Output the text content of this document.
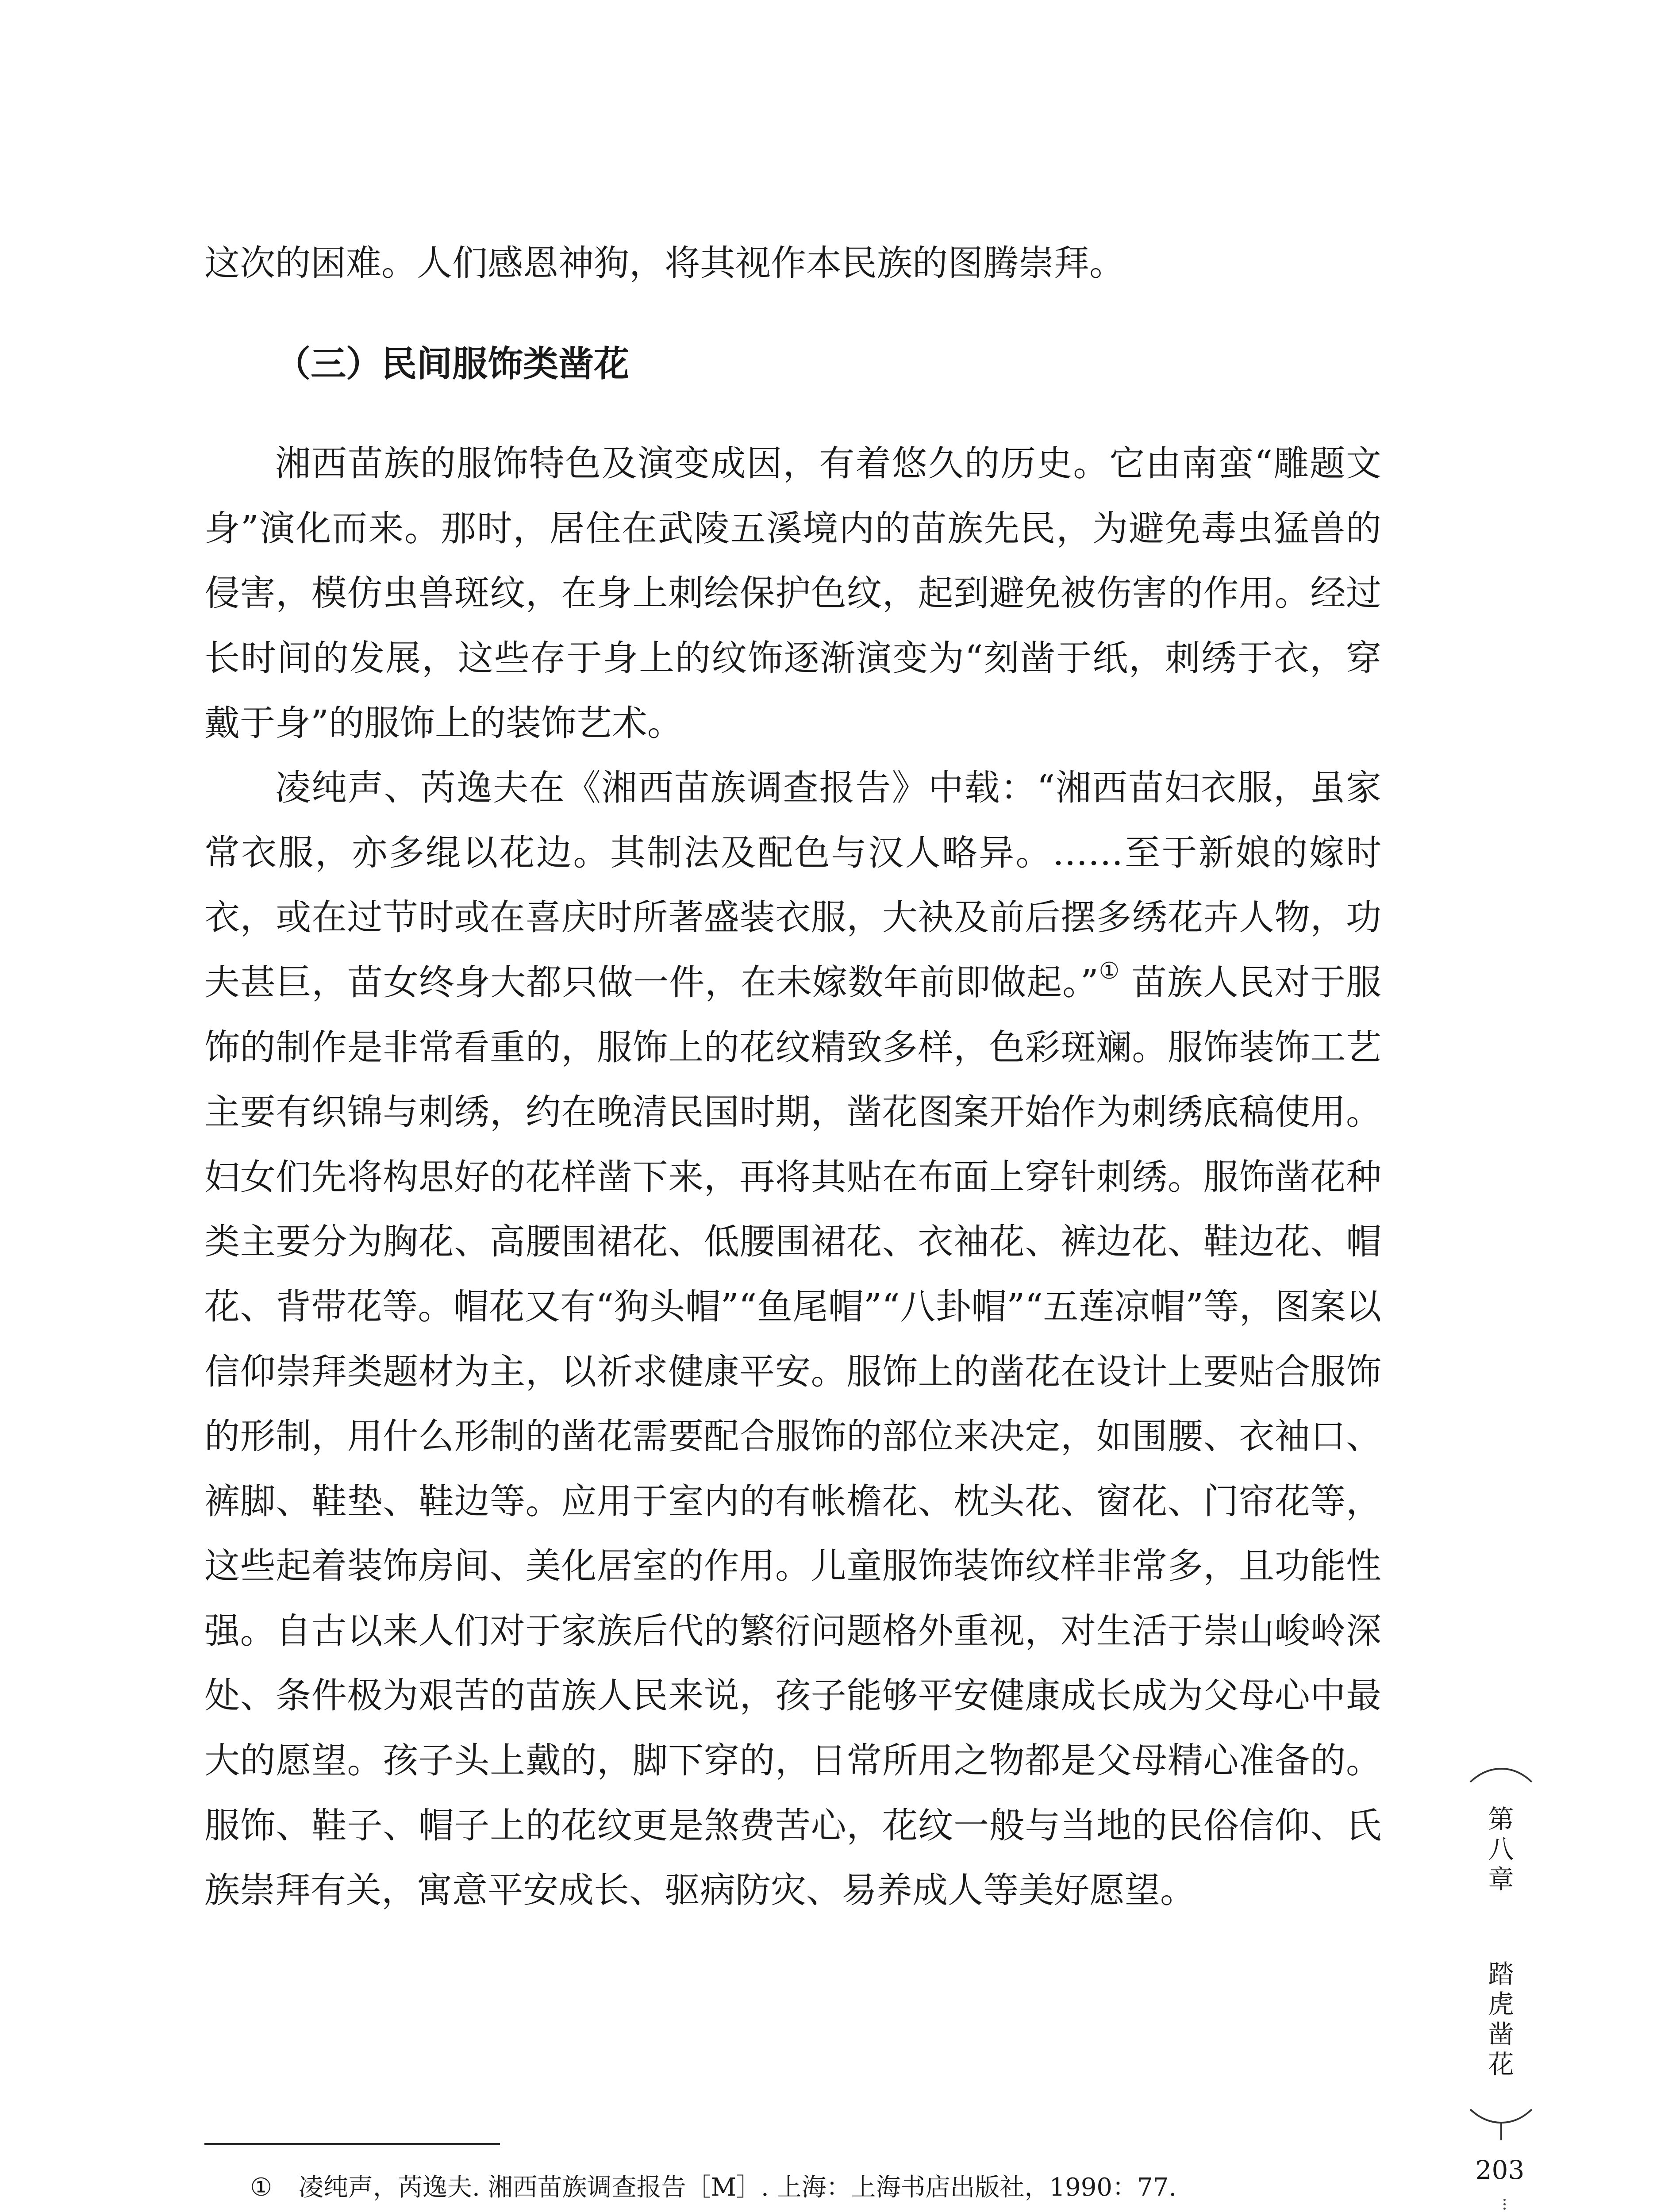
这次的困难。人们感恩神狗，将其视作本民族的图腾崇拜。

（三）民间服饰类凿花

湘西苗族的服饰特色及演变成因，有着悠久的历史。它由南蛮“雕题文身”演化而来。那时，居住在武陵五溪境内的苗族先民，为避免毒虫猛兽的侵害，模仿虫兽斑纹，在身上刺绘保护色纹，起到避免被伤害的作用。经过长时间的发展，这些存于身上的纹饰逐渐演变为“刻凿于纸，刺绣于衣，穿戴于身”的服饰上的装饰艺术。

凌纯声、芮逸夫在《湘西苗族调查报告》中载：“湘西苗妇衣服，虽家常衣服，亦多绲以花边。其制法及配色与汉人略异。……至于新娘的嫁时衣，或在过节时或在喜庆时所著盛装衣服，大袂及前后摆多绣花卉人物，功夫甚巨，苗女终身大都只做一件，在未嫁数年前即做起。”① 苗族人民对于服饰的制作是非常看重的，服饰上的花纹精致多样，色彩斑斓。服饰装饰工艺主要有织锦与刺绣，约在晚清民国时期，凿花图案开始作为刺绣底稿使用。妇女们先将构思好的花样凿下来，再将其贴在布面上穿针刺绣。服饰凿花种类主要分为胸花、高腰围裙花、低腰围裙花、衣袖花、裤边花、鞋边花、帽花、背带花等。帽花又有“狗头帽”“鱼尾帽”“八卦帽”“五莲凉帽”等，图案以信仰崇拜类题材为主，以祈求健康平安。服饰上的凿花在设计上要贴合服饰的形制，用什么形制的凿花需要配合服饰的部位来决定，如围腰、衣袖口、裤脚、鞋垫、鞋边等。应用于室内的有帐檐花、枕头花、窗花、门帘花等，这些起着装饰房间、美化居室的作用。儿童服饰装饰纹样非常多，且功能性强。自古以来人们对于家族后代的繁衍问题格外重视，对生活于崇山峻岭深处、条件极为艰苦的苗族人民来说，孩子能够平安健康成长成为父母心中最大的愿望。孩子头上戴的，脚下穿的，日常所用之物都是父母精心准备的。服饰、鞋子、帽子上的花纹更是煞费苦心，花纹一般与当地的民俗信仰、氏族崇拜有关，寓意平安成长、驱病防灾、易养成人等美好愿望。

① 凌纯声，芮逸夫. 湘西苗族调查报告［M］. 上海：上海书店出版社，1990：77.

第
八
章
踏
虎
凿
花
203
